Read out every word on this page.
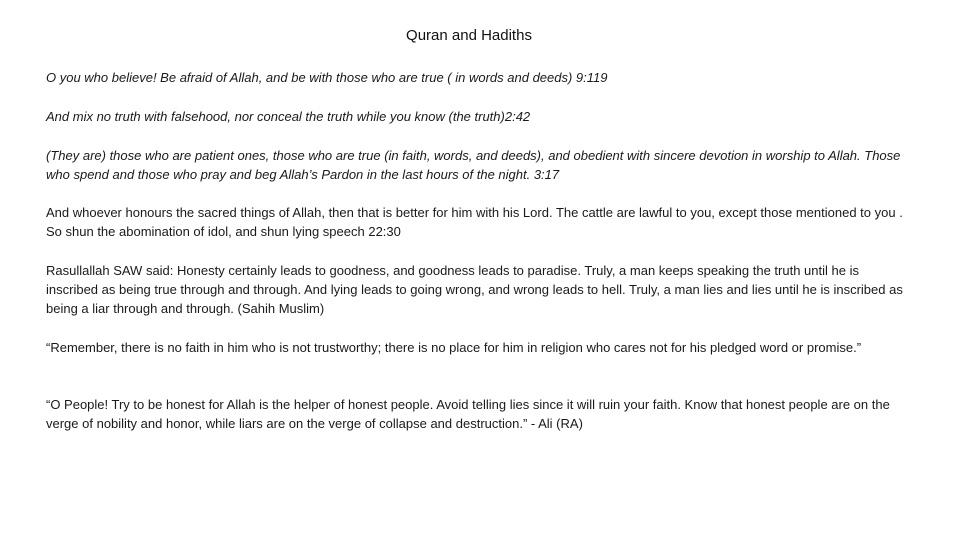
Quran and Hadiths

O you who believe! Be afraid of Allah, and be with those who are true ( in words and deeds) 9:119

And mix no truth with falsehood, nor conceal the truth while you know (the truth)2:42

(They are) those who are patient ones, those who are true (in faith, words, and deeds), and obedient with sincere devotion in worship to Allah. Those who spend and those who pray and beg Allah’s Pardon in the last hours of the night. 3:17

And whoever honours the sacred things of Allah, then that is better for him with his Lord. The cattle are lawful to you, except those mentioned to you . So shun the abomination of idol, and shun lying speech 22:30

Rasullallah SAW said: Honesty certainly leads to goodness, and goodness leads to paradise. Truly, a man keeps speaking the truth until he is inscribed as being true through and through. And lying leads to going wrong, and wrong leads to hell. Truly, a man lies and lies until he is inscribed as being a liar through and through. (Sahih Muslim)

“Remember, there is no faith in him who is not trustworthy; there is no place for him in religion who cares not for his pledged word or promise.”

“O People! Try to be honest for Allah is the helper of honest people. Avoid telling lies since it will ruin your faith. Know that honest people are on the verge of nobility and honor, while liars are on the verge of collapse and destruction.” - Ali (RA)
